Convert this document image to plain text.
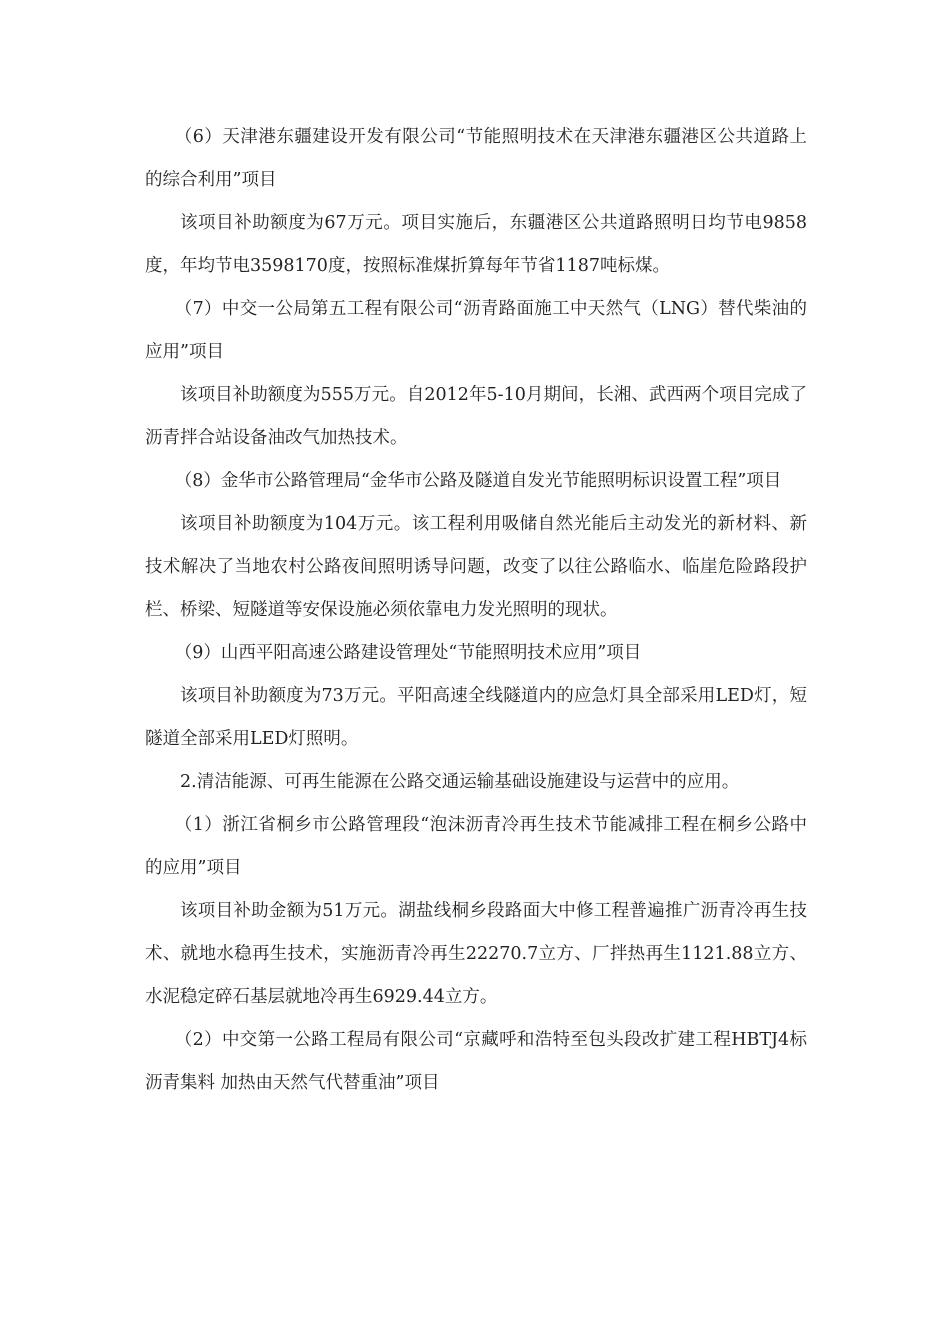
（6）天津港东疆建设开发有限公司“节能照明技术在天津港东疆港区公共道路上的综合利用”项目

该项目补助额度为67万元。项目实施后，东疆港区公共道路照明日均节电9858度，年均节电3598170度，按照标准煤折算每年节省1187吨标煤。

（7）中交一公局第五工程有限公司“沥青路面施工中天然气（LNG）替代柴油的应用”项目

该项目补助额度为555万元。自2012年5-10月期间，长湘、武西两个项目完成了沥青拌合站设备油改气加热技术。

（8）金华市公路管理局“金华市公路及隧道自发光节能照明标识设置工程”项目

该项目补助额度为104万元。该工程利用吸储自然光能后主动发光的新材料、新技术解决了当地农村公路夜间照明诱导问题，改变了以往公路临水、临崖危险路段护栏、桥梁、短隧道等安保设施必须依靠电力发光照明的现状。

（9）山西平阳高速公路建设管理处“节能照明技术应用”项目

该项目补助额度为73万元。平阳高速全线隧道内的应急灯具全部采用LED灯，短隧道全部采用LED灯照明。

2.清洁能源、可再生能源在公路交通运输基础设施建设与运营中的应用。

（1）浙江省桐乡市公路管理段“泡沫沥青冷再生技术节能减排工程在桐乡公路中的应用”项目

该项目补助金额为51万元。湖盐线桐乡段路面大中修工程普遍推广沥青冷再生技术、就地水稳再生技术，实施沥青冷再生22270.7立方、厂拌热再生1121.88立方、水泥稳定碎石基层就地冷再生6929.44立方。

（2）中交第一公路工程局有限公司“京藏呼和浩特至包头段改扩建工程HBTJ4标沥青集料 加热由天然气代替重油”项目
